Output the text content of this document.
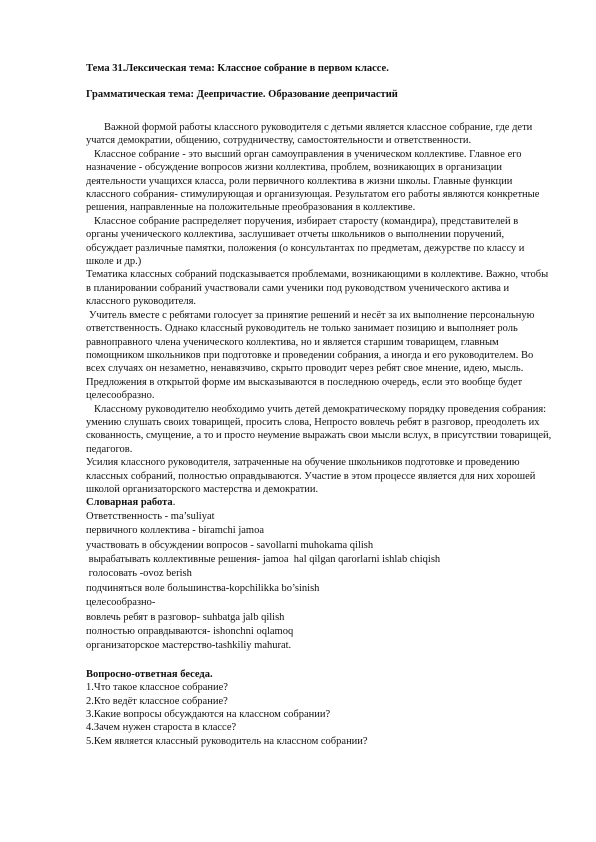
Тема 31.Лексическая тема: Классное собрание в первом классе.

Грамматическая тема: Деепричастие. Образование деепричастий

Важной формой работы классного руководителя с детьми является классное собрание, где дети учатся демократии, общению, сотрудничеству, самостоятельности и ответственности.

Классное собрание - это высший орган самоуправления в ученическом коллективе. Главное его назначение - обсуждение вопросов жизни коллектива, проблем, возникающих в организации деятельности учащихся класса, роли первичного коллектива в жизни школы. Главные функции классного собрания- стимулирующая и организующая. Результатом его работы являются конкретные решения, направленные на положительные преобразования в коллективе.

Классное собрание распределяет поручения, избирает старосту (командира), представителей в органы ученического коллектива, заслушивает отчеты школьников о выполнении поручений, обсуждает различные памятки, положения (о консультантах по предметам, дежурстве по классу и школе и др.)

Тематика классных собраний подсказывается проблемами, возникающими в коллективе. Важно, чтобы в планировании собраний участвовали сами ученики под руководством ученического актива и классного руководителя.

Учитель вместе с ребятами голосует за принятие решений и несёт за их выполнение персональную ответственность. Однако классный руководитель не только занимает позицию и выполняет роль равноправного члена ученического коллектива, но и является старшим товарищем, главным помощником школьников при подготовке и проведении собрания, а иногда и его руководителем. Во всех случаях он незаметно, ненавязчиво, скрыто проводит через ребят свое мнение, идею, мысль. Предложения в открытой форме им высказываются в последнюю очередь, если это вообще будет целесообразно.

Классному руководителю необходимо учить детей демократическому порядку проведения собрания: умению слушать своих товарищей, просить слова, Непросто вовлечь ребят в разговор, преодолеть их скованность, смущение, а то и просто неумение выражать свои мысли вслух, в присутствии товарищей, педагогов.

Усилия классного руководителя, затраченные на обучение школьников подготовке и проведению классных собраний, полностью оправдываются. Участие в этом процессе является для них хорошей школой организаторского мастерства и демократии.

Словарная работа.

Ответственность - ma’suliyat

первичного коллектива - biramchi jamoa

участвовать в обсуждении вопросов - savollarni muhokama qilish

вырабатывать коллективные решения- jamoa  hal qilgan qarorlarni ishlab chiqish

голосовать -ovoz berish

подчиняться воле большинства-kopchilikka bo’sinish

целесообразно-

вовлечь ребят в разговор- suhbatga jalb qilish

полностью оправдываются- ishonchni oqlamoq

организаторское мастерство-tashkiliy mahurat.

Вопросно-ответная беседа.

1.Что такое классное собрание?

2.Кто ведёт классное собрание?

3.Какие вопросы обсуждаются на классном собрании?

4.Зачем нужен староста в классе?

5.Кем является классный руководитель на классном собрании?
